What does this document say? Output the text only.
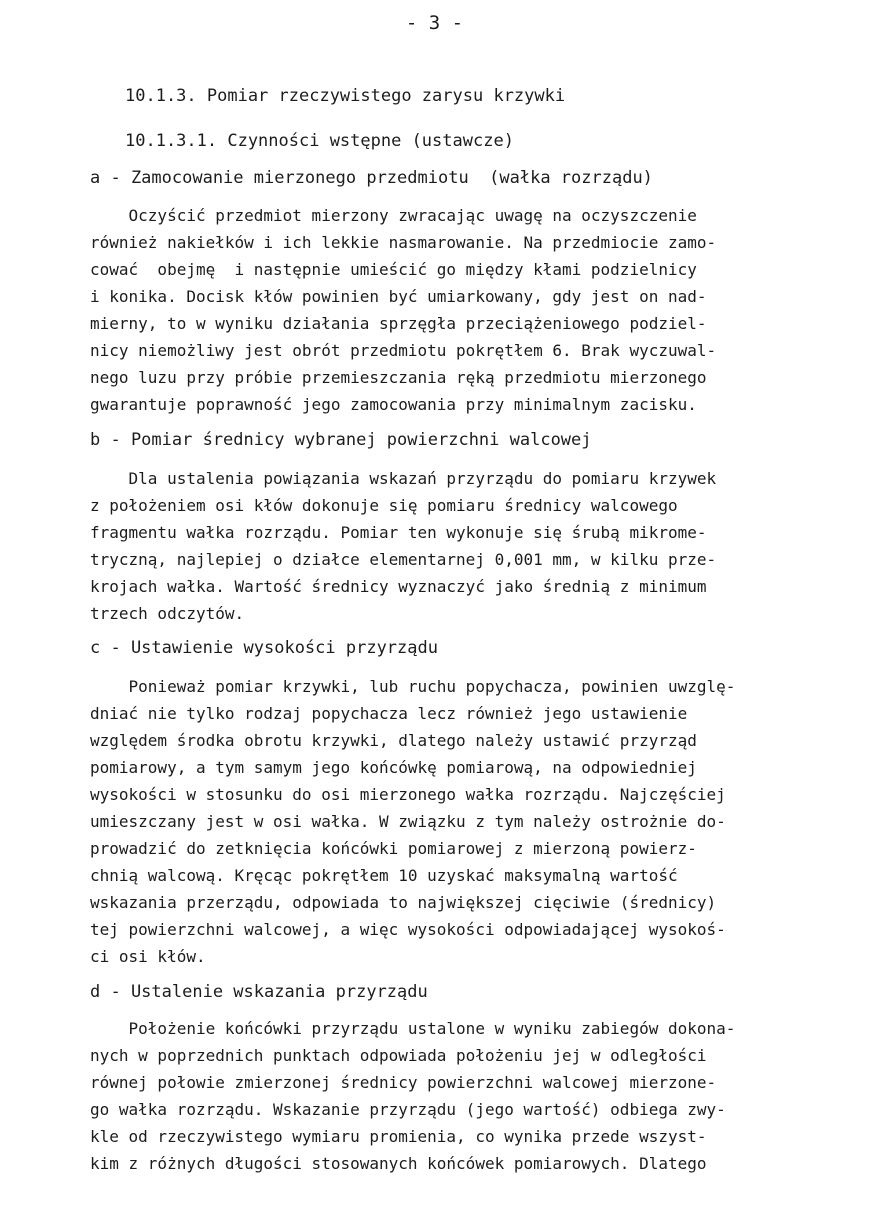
- 3 -
10.1.3. Pomiar rzeczywistego zarysu krzywki
10.1.3.1. Czynności wstępne (ustawcze)
a - Zamocowanie mierzonego przedmiotu  (wałka rozrządu)
Oczyścić przedmiot mierzony zwracając uwagę na oczyszczenie
również nakiełków i ich lekkie nasmarowanie. Na przedmiocie zamo-
cować  obejmę  i następnie umieścić go między kłami podzielnicy
i konika. Docisk kłów powinien być umiarkowany, gdy jest on nad-
mierny, to w wyniku działania sprzęgła przeciążeniowego podziel-
nicy niemożliwy jest obrót przedmiotu pokrętłem 6. Brak wyczuwal-
nego luzu przy próbie przemieszczania ręką przedmiotu mierzonego
gwarantuje poprawność jego zamocowania przy minimalnym zacisku.
b - Pomiar średnicy wybranej powierzchni walcowej
Dla ustalenia powiązania wskazań przyrządu do pomiaru krzywek
z położeniem osi kłów dokonuje się pomiaru średnicy walcowego
fragmentu wałka rozrządu. Pomiar ten wykonuje się śrubą mikrome-
tryczną, najlepiej o działce elementarnej 0,001 mm, w kilku prze-
krojach wałka. Wartość średnicy wyznaczyć jako średnią z minimum
trzech odczytów.
c - Ustawienie wysokości przyrządu
Ponieważ pomiar krzywki, lub ruchu popychacza, powinien uwzglę-
dniać nie tylko rodzaj popychacza lecz również jego ustawienie
względem środka obrotu krzywki, dlatego należy ustawić przyrząd
pomiarowy, a tym samym jego końcówkę pomiarową, na odpowiedniej
wysokości w stosunku do osi mierzonego wałka rozrządu. Najczęściej
umieszczany jest w osi wałka. W związku z tym należy ostrożnie do-
prowadzić do zetknięcia końcówki pomiarowej z mierzoną powierz-
chnią walcową. Kręcąc pokrętłem 10 uzyskać maksymalną wartość
wskazania przerządu, odpowiada to największej cięciwie (średnicy)
tej powierzchni walcowej, a więc wysokości odpowiadającej wysokoś-
ci osi kłów.
d - Ustalenie wskazania przyrządu
Położenie końcówki przyrządu ustalone w wyniku zabiegów dokona-
nych w poprzednich punktach odpowiada położeniu jej w odległości
równej połowie zmierzonej średnicy powierzchni walcowej mierzone-
go wałka rozrządu. Wskazanie przyrządu (jego wartość) odbiega zwy-
kle od rzeczywistego wymiaru promienia, co wynika przede wszyst-
kim z różnych długości stosowanych końcówek pomiarowych. Dlatego
